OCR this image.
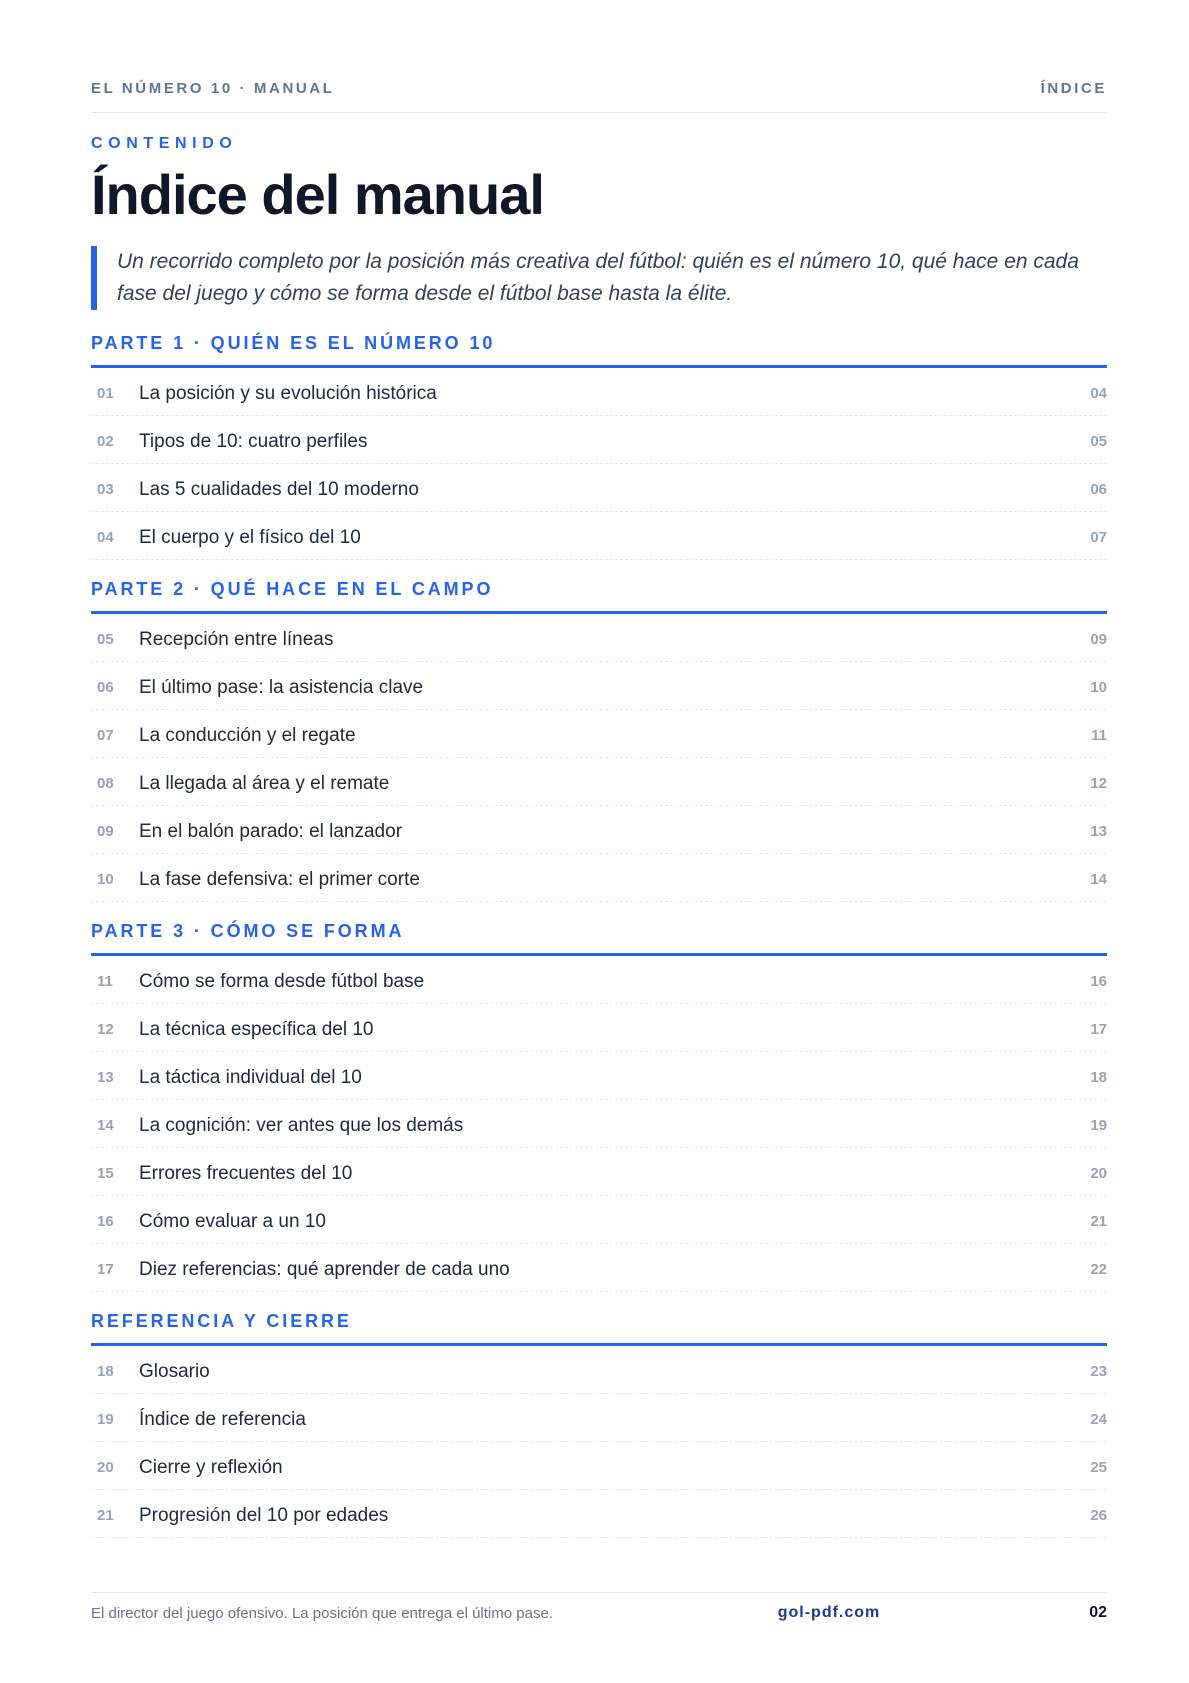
EL NÚMERO 10 · MANUAL	ÍNDICE
CONTENIDO
Índice del manual
Un recorrido completo por la posición más creativa del fútbol: quién es el número 10, qué hace en cada fase del juego y cómo se forma desde el fútbol base hasta la élite.
PARTE 1 · QUIÉN ES EL NÚMERO 10
01	La posición y su evolución histórica	04
02	Tipos de 10: cuatro perfiles	05
03	Las 5 cualidades del 10 moderno	06
04	El cuerpo y el físico del 10	07
PARTE 2 · QUÉ HACE EN EL CAMPO
05	Recepción entre líneas	09
06	El último pase: la asistencia clave	10
07	La conducción y el regate	11
08	La llegada al área y el remate	12
09	En el balón parado: el lanzador	13
10	La fase defensiva: el primer corte	14
PARTE 3 · CÓMO SE FORMA
11	Cómo se forma desde fútbol base	16
12	La técnica específica del 10	17
13	La táctica individual del 10	18
14	La cognición: ver antes que los demás	19
15	Errores frecuentes del 10	20
16	Cómo evaluar a un 10	21
17	Diez referencias: qué aprender de cada uno	22
REFERENCIA Y CIERRE
18	Glosario	23
19	Índice de referencia	24
20	Cierre y reflexión	25
21	Progresión del 10 por edades	26
El director del juego ofensivo. La posición que entrega el último pase.	gol-pdf.com	02
